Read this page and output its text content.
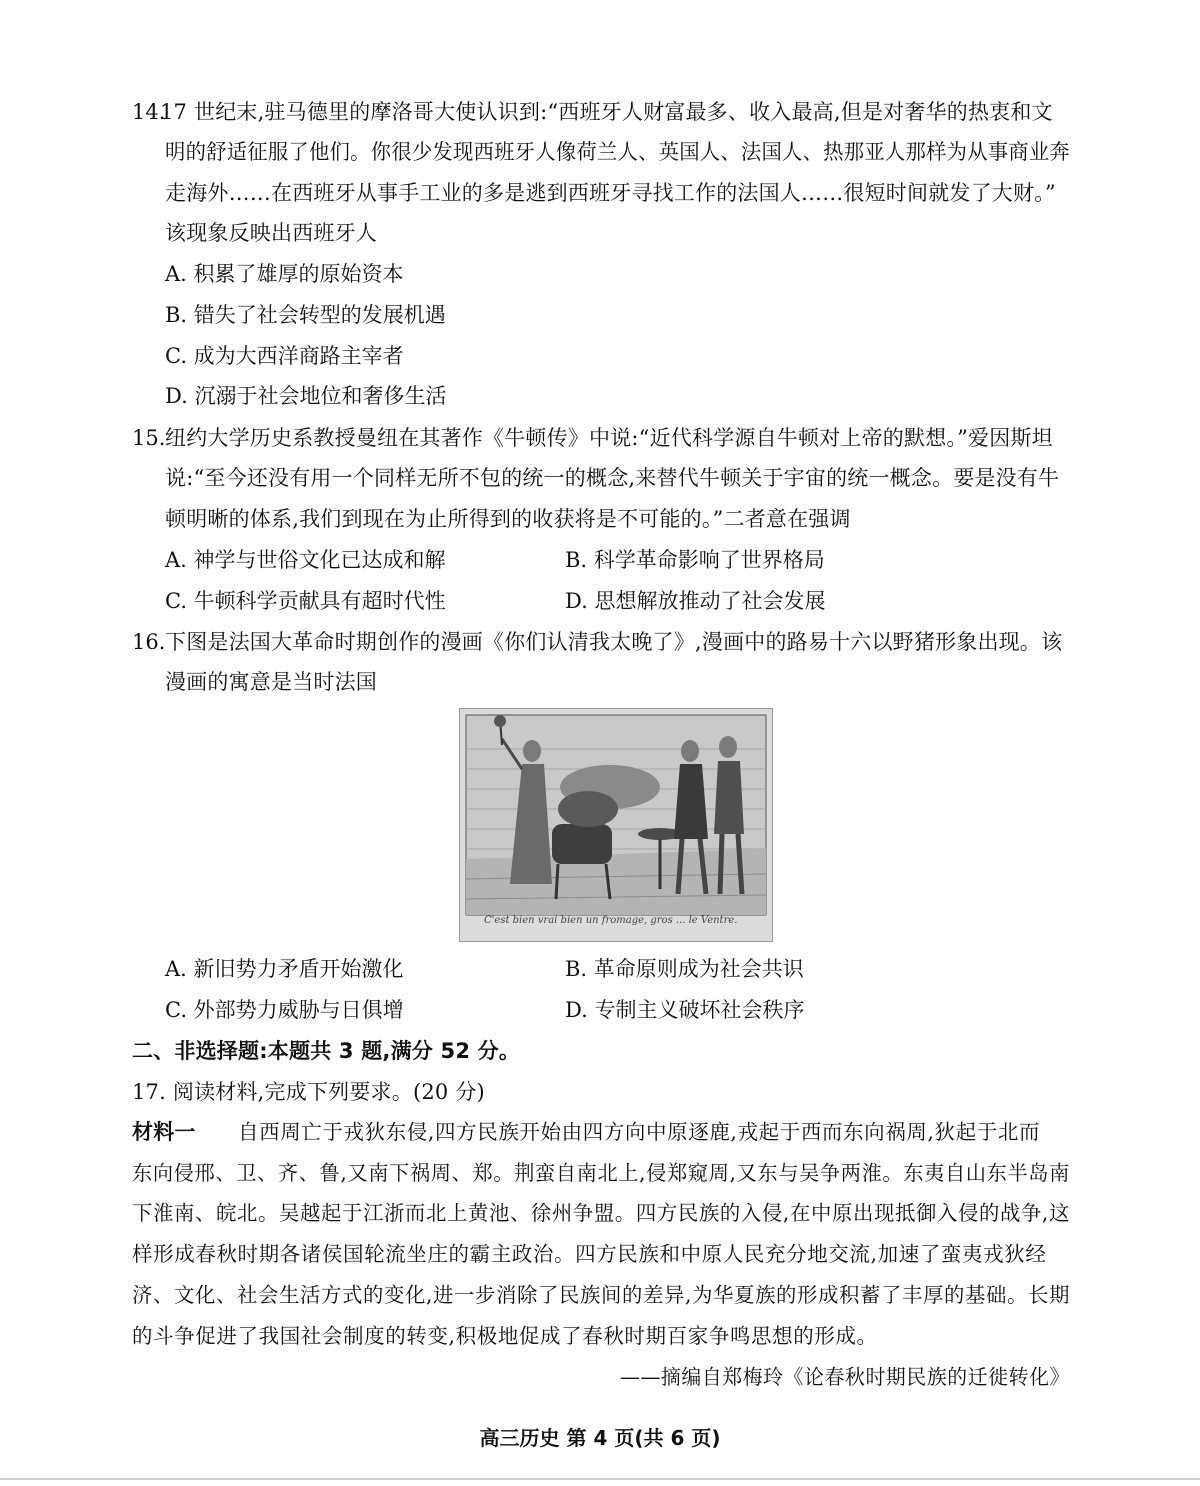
14.
17 世纪末,驻马德里的摩洛哥大使认识到:“西班牙人财富最多、收入最高,但是对奢华的热衷和文
明的舒适征服了他们。你很少发现西班牙人像荷兰人、英国人、法国人、热那亚人那样为从事商业奔
走海外……在西班牙从事手工业的多是逃到西班牙寻找工作的法国人……很短时间就发了大财。”
该现象反映出西班牙人
A. 积累了雄厚的原始资本
B. 错失了社会转型的发展机遇
C. 成为大西洋商路主宰者
D. 沉溺于社会地位和奢侈生活
15. 纽约大学历史系教授曼纽在其著作《牛顿传》中说:“近代科学源自牛顿对上帝的默想。”爱因斯坦
说:“至今还没有用一个同样无所不包的统一的概念,来替代牛顿关于宇宙的统一概念。要是没有牛
顿明晰的体系,我们到现在为止所得到的收获将是不可能的。”二者意在强调
A. 神学与世俗文化已达成和解	B. 科学革命影响了世界格局
C. 牛顿科学贡献具有超时代性	D. 思想解放推动了社会发展
16. 下图是法国大革命时期创作的漫画《你们认清我太晚了》,漫画中的路易十六以野猪形象出现。该
漫画的寓意是当时法国
C'est bien vrai bien un fromage, gros ... le Ventre.
A. 新旧势力矛盾开始激化	B. 革命原则成为社会共识
C. 外部势力威胁与日俱增	D. 专制主义破坏社会秩序
二、非选择题:本题共 3 题,满分 52 分。
17. 阅读材料,完成下列要求。(20 分)
材料一 自西周亡于戎狄东侵,四方民族开始由四方向中原逐鹿,戎起于西而东向祸周,狄起于北而
东向侵邢、卫、齐、鲁,又南下祸周、郑。荆蛮自南北上,侵郑窥周,又东与吴争两淮。东夷自山东半岛南
下淮南、皖北。吴越起于江浙而北上黄池、徐州争盟。四方民族的入侵,在中原出现抵御入侵的战争,这
样形成春秋时期各诸侯国轮流坐庄的霸主政治。四方民族和中原人民充分地交流,加速了蛮夷戎狄经
济、文化、社会生活方式的变化,进一步消除了民族间的差异,为华夏族的形成积蓄了丰厚的基础。长期
的斗争促进了我国社会制度的转变,积极地促成了春秋时期百家争鸣思想的形成。
——摘编自郑梅玲《论春秋时期民族的迁徙转化》
高三历史 第 4 页(共 6 页)
